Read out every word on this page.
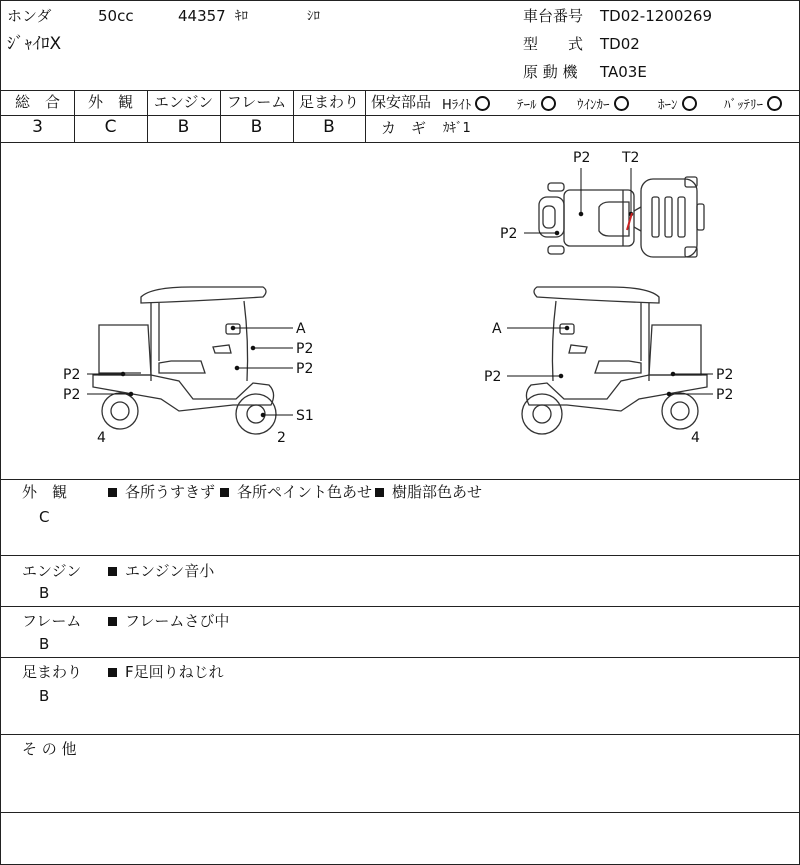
ホンダ	50cc	44357 ｷﾛ	ｼﾛ
ｼﾞｬｲﾛX
車台番号 TD02-1200269
型　　式 TD02
原 動 機 TA03E
総　合	外　観	エンジン フレーム 足まわり
3	C	B	B	B
保安部品 Hﾗｲﾄ	ﾃｰﾙ	ｳｲﾝｶｰ	ﾎｰﾝ	ﾊﾞｯﾃﾘｰ
カ　ギ ｶｷﾞ1
P2 T2
P2
A
P2
P2
S1
P2
P2
2
4
A
P2	P2
P2
4
外　観
C
各所うすきず	各所ペイント色あせ	樹脂部色あせ
エンジン
B
エンジン音小
フレーム
B
フレームさび中
足まわり
B
F足回りねじれ
そ の 他
